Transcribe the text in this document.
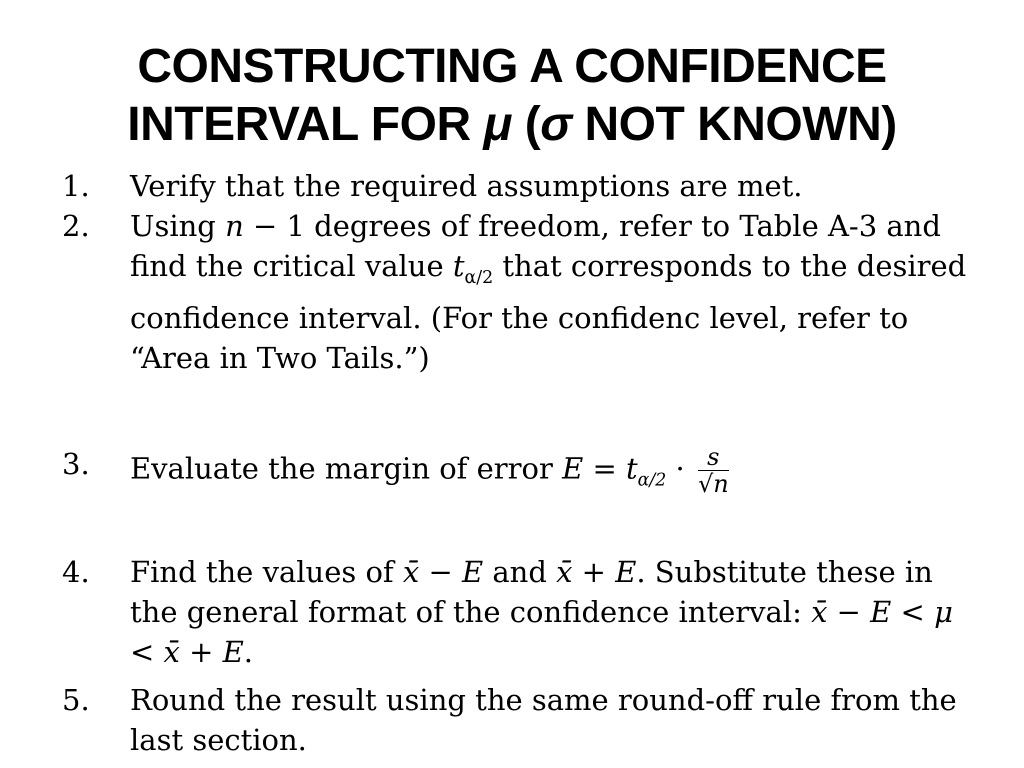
CONSTRUCTING A CONFIDENCE
INTERVAL FOR μ (σ NOT KNOWN)
1. Verify that the required assumptions are met.
2. Using n − 1 degrees of freedom, refer to Table A-3 and find the critical value $t_{\alpha/2}$ that corresponds to the desired confidence interval. (For the confidenc level, refer to “Area in Two Tails.”)
3. Evaluate the margin of error $E = t_{\alpha/2} \cdot \frac{s}{√n}$
4. Find the values of x̄ − E and x̄ + E. Substitute these in the general format of the confidence interval: x̄ − E < μ < x̄ + E.
5. Round the result using the same round-off rule from the last section.
